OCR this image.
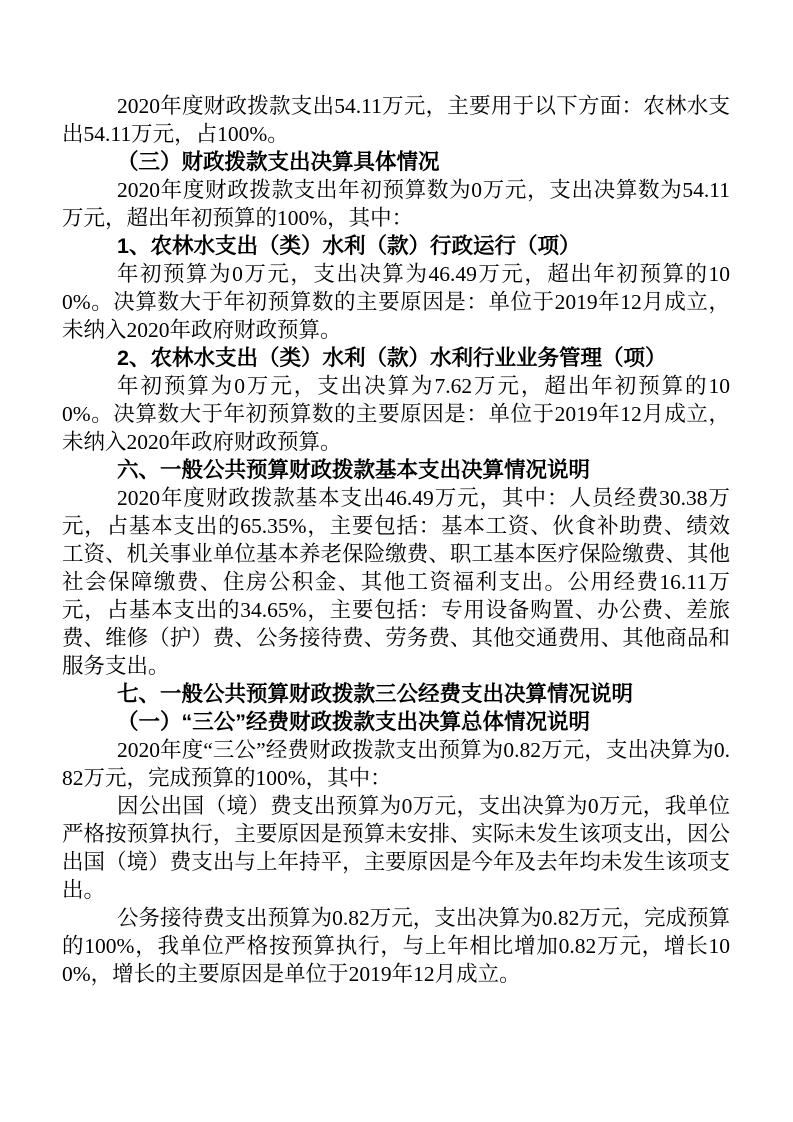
2020年度财政拨款支出54.11万元，主要用于以下方面：农林水支出54.11万元，占100%。

（三）财政拨款支出决算具体情况

2020年度财政拨款支出年初预算数为0万元，支出决算数为54.11万元，超出年初预算的100%，其中：

1、农林水支出（类）水利（款）行政运行（项）

年初预算为0万元，支出决算为46.49万元，超出年初预算的100%。决算数大于年初预算数的主要原因是：单位于2019年12月成立，未纳入2020年政府财政预算。

2、农林水支出（类）水利（款）水利行业业务管理（项）

年初预算为0万元，支出决算为7.62万元，超出年初预算的100%。决算数大于年初预算数的主要原因是：单位于2019年12月成立，未纳入2020年政府财政预算。

六、一般公共预算财政拨款基本支出决算情况说明

2020年度财政拨款基本支出46.49万元，其中：人员经费30.38万元，占基本支出的65.35%，主要包括：基本工资、伙食补助费、绩效工资、机关事业单位基本养老保险缴费、职工基本医疗保险缴费、其他社会保障缴费、住房公积金、其他工资福利支出。公用经费16.11万元，占基本支出的34.65%，主要包括：专用设备购置、办公费、差旅费、维修（护）费、公务接待费、劳务费、其他交通费用、其他商品和服务支出。

七、一般公共预算财政拨款三公经费支出决算情况说明

（一）“三公”经费财政拨款支出决算总体情况说明

2020年度“三公”经费财政拨款支出预算为0.82万元，支出决算为0.82万元，完成预算的100%，其中：

因公出国（境）费支出预算为0万元，支出决算为0万元，我单位严格按预算执行，主要原因是预算未安排、实际未发生该项支出，因公出国（境）费支出与上年持平，主要原因是今年及去年均未发生该项支出。

公务接待费支出预算为0.82万元，支出决算为0.82万元，完成预算的100%，我单位严格按预算执行，与上年相比增加0.82万元，增长100%，增长的主要原因是单位于2019年12月成立。
